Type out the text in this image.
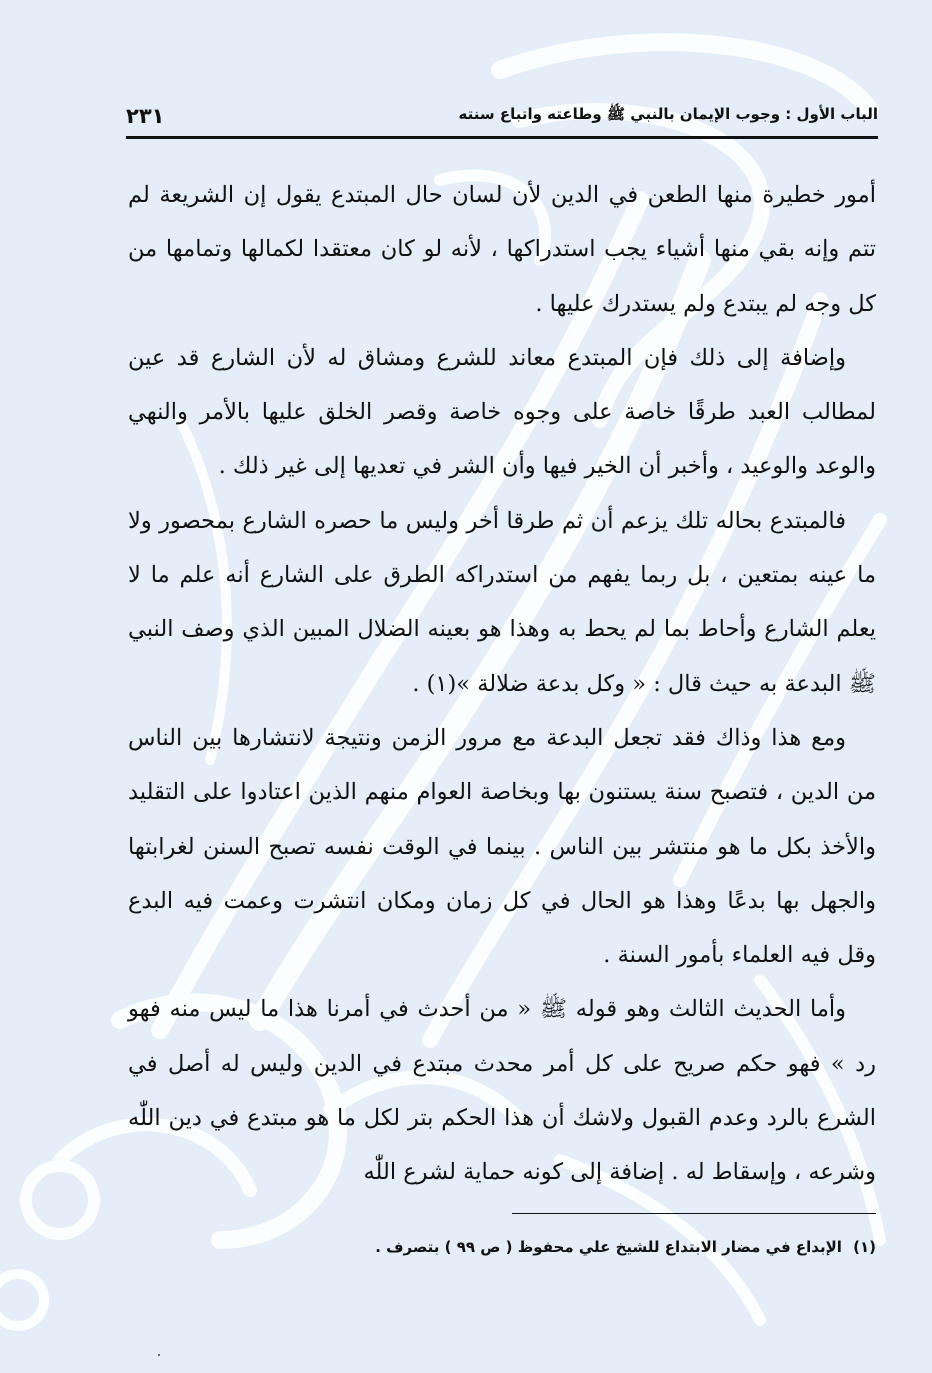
الباب الأول : وجوب الإيمان بالنبي ﷺ وطاعته واتباع سنته
٢٣١

أمور خطيرة منها الطعن في الدين لأن لسان حال المبتدع يقول إن الشريعة لم تتم وإنه بقي منها أشياء يجب استدراكها ، لأنه لو كان معتقدا لكمالها وتمامها من كل وجه لم يبتدع ولم يستدرك عليها .

وإضافة إلى ذلك فإن المبتدع معاند للشرع ومشاق له لأن الشارع قد عين لمطالب العبد طرقًا خاصة على وجوه خاصة وقصر الخلق عليها بالأمر والنهي والوعد والوعيد ، وأخبر أن الخير فيها وأن الشر في تعديها إلى غير ذلك .

فالمبتدع بحاله تلك يزعم أن ثم طرقا أخر وليس ما حصره الشارع بمحصور ولا ما عينه بمتعين ، بل ربما يفهم من استدراكه الطرق على الشارع أنه علم ما لا يعلم الشارع وأحاط بما لم يحط به وهذا هو بعينه الضلال المبين الذي وصف النبي ﷺ البدعة به حيث قال : « وكل بدعة ضلالة »(١) .

ومع هذا وذاك فقد تجعل البدعة مع مرور الزمن ونتيجة لانتشارها بين الناس من الدين ، فتصبح سنة يستنون بها وبخاصة العوام منهم الذين اعتادوا على التقليد والأخذ بكل ما هو منتشر بين الناس . بينما في الوقت نفسه تصبح السنن لغرابتها والجهل بها بدعًا وهذا هو الحال في كل زمان ومكان انتشرت وعمت فيه البدع وقل فيه العلماء بأمور السنة .

وأما الحديث الثالث وهو قوله ﷺ « من أحدث في أمرنا هذا ما ليس منه فهو رد » فهو حكم صريح على كل أمر محدث مبتدع في الدين وليس له أصل في الشرع بالرد وعدم القبول ولاشك أن هذا الحكم بتر لكل ما هو مبتدع في دين اللّٰه وشرعه ، وإسقاط له . إضافة إلى كونه حماية لشرع اللّٰه

(١) الإبداع في مضار الابتداع للشيخ علي محفوظ ( ص ٩٩ ) بتصرف .
